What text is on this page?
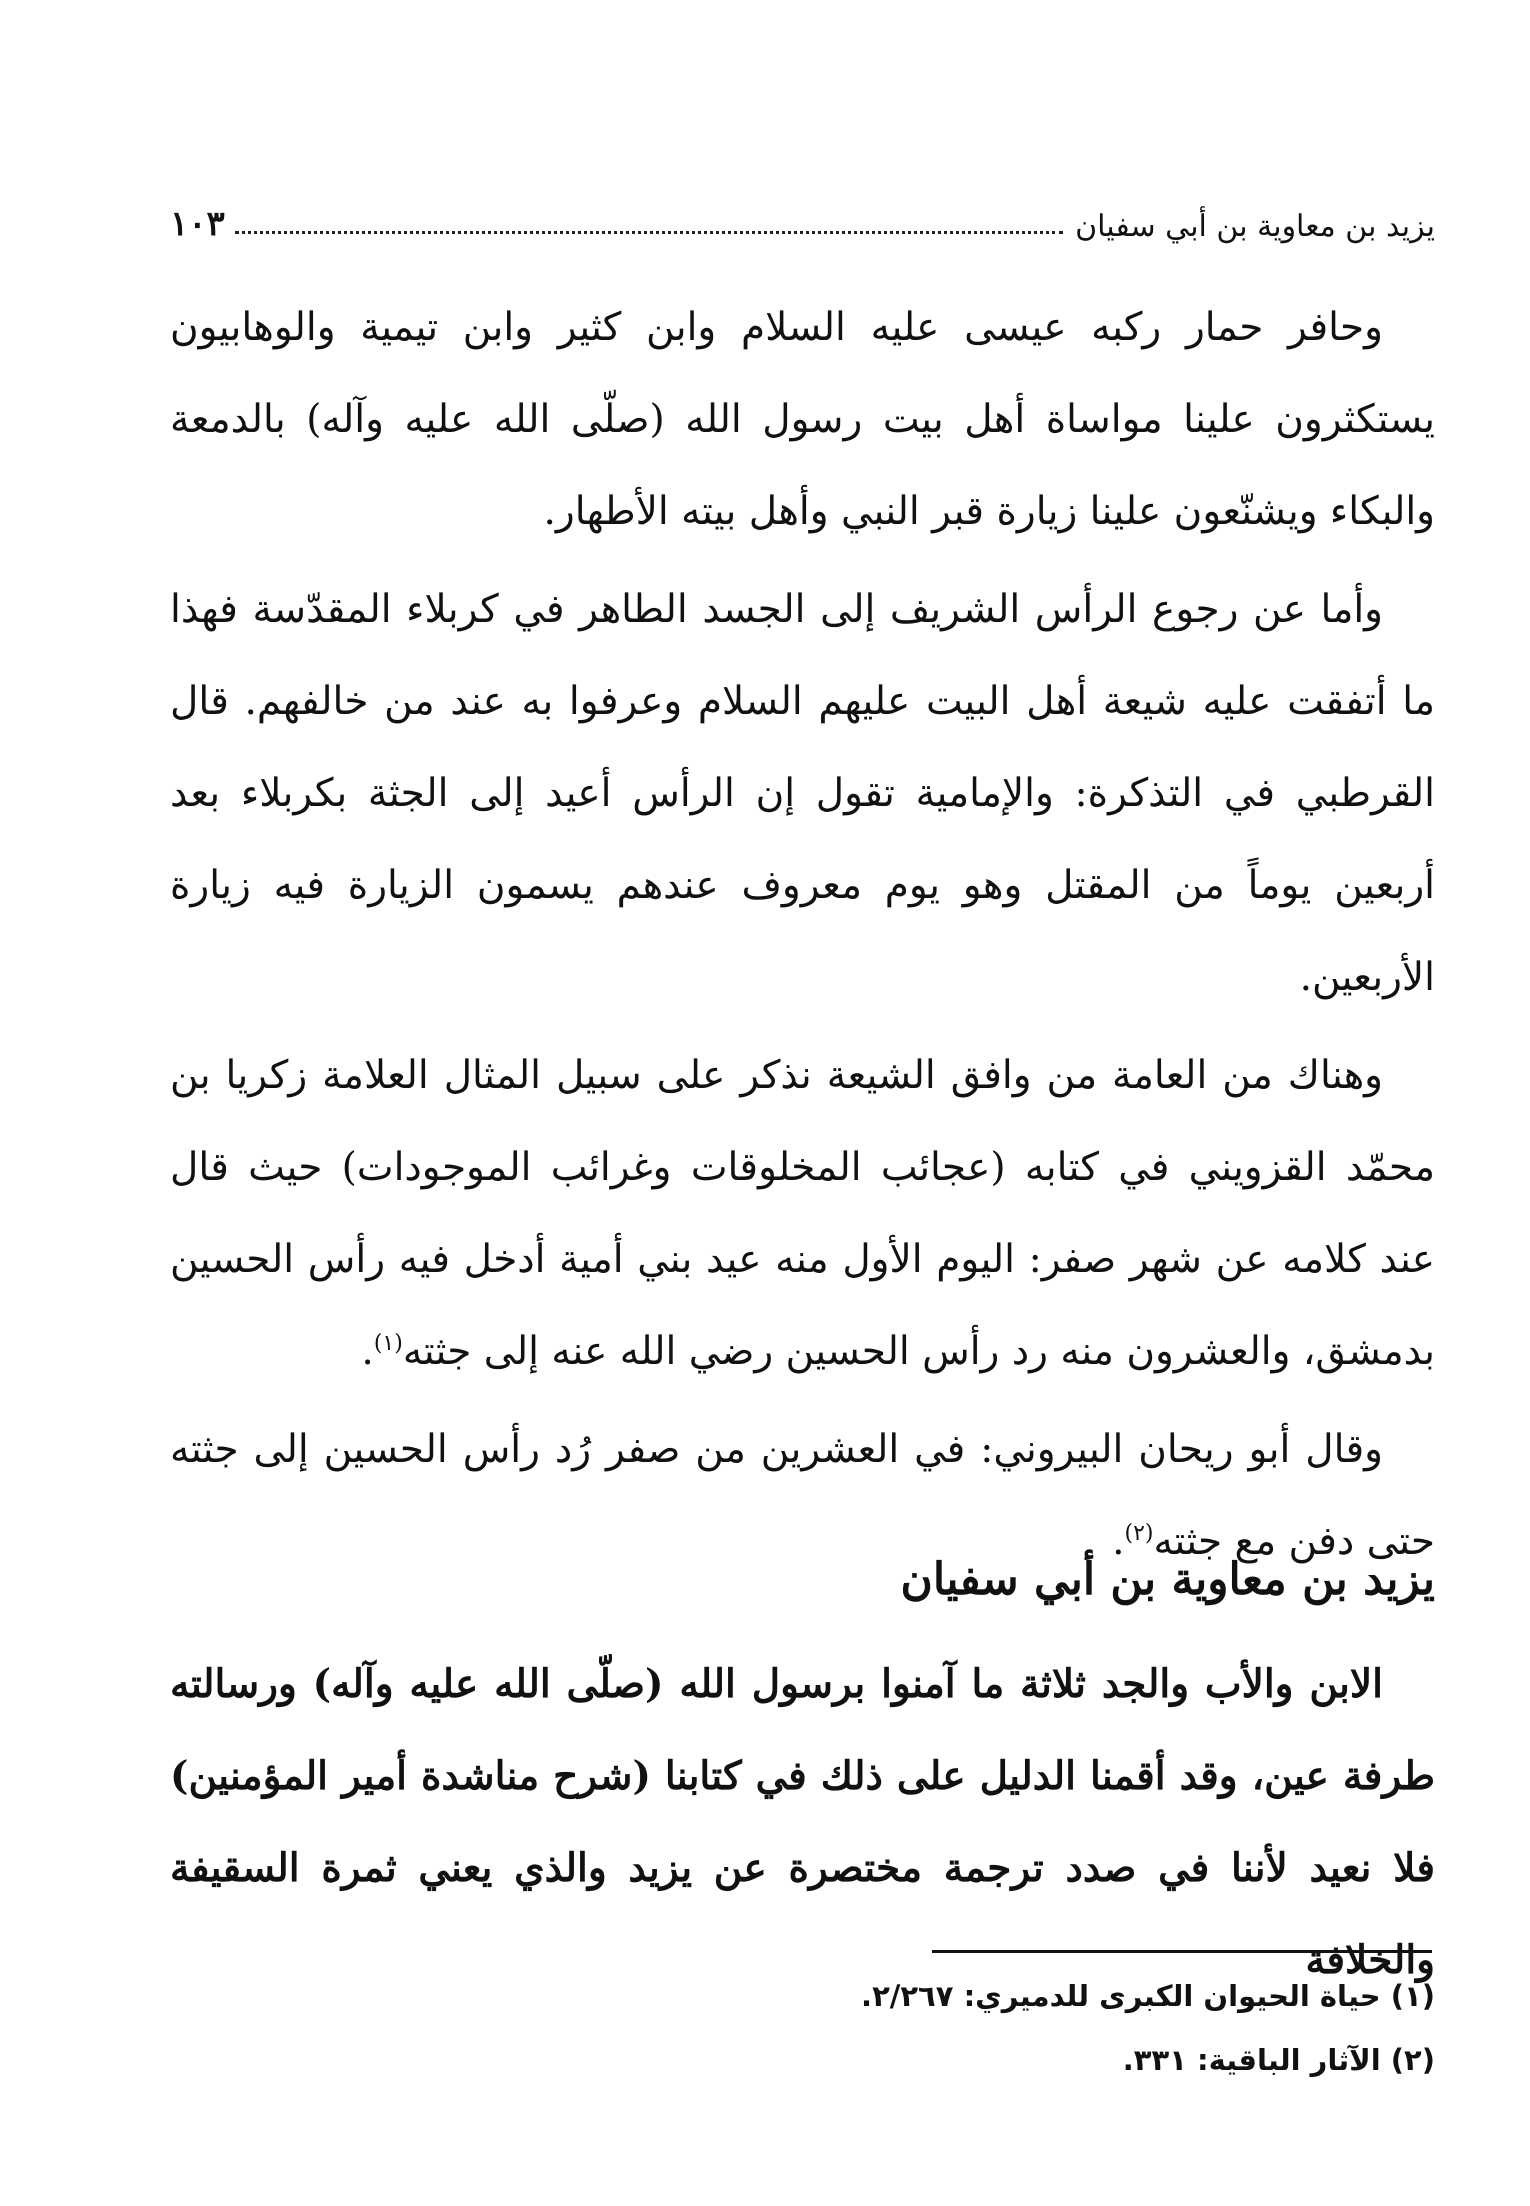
يزيد بن معاوية بن أبي سفيان
١٠٣

وحافر حمار ركبه عيسى عليه السلام وابن كثير وابن تيمية والوهابيون يستكثرون علينا مواساة أهل بيت رسول الله (صلّى الله عليه وآله) بالدمعة والبكاء ويشنّعون علينا زيارة قبر النبي وأهل بيته الأطهار.

وأما عن رجوع الرأس الشريف إلى الجسد الطاهر في كربلاء المقدّسة فهذا ما أتفقت عليه شيعة أهل البيت عليهم السلام وعرفوا به عند من خالفهم. قال القرطبي في التذكرة: والإمامية تقول إن الرأس أعيد إلى الجثة بكربلاء بعد أربعين يوماً من المقتل وهو يوم معروف عندهم يسمون الزيارة فيه زيارة الأربعين.

وهناك من العامة من وافق الشيعة نذكر على سبيل المثال العلامة زكريا بن محمّد القزويني في كتابه (عجائب المخلوقات وغرائب الموجودات) حيث قال عند كلامه عن شهر صفر: اليوم الأول منه عيد بني أمية أدخل فيه رأس الحسين بدمشق، والعشرون منه رد رأس الحسين رضي الله عنه إلى جثته$^{(١)}$.

وقال أبو ريحان البيروني: في العشرين من صفر رُد رأس الحسين إلى جثته حتى دفن مع جثته$^{(٢)}$.

يزيد بن معاوية بن أبي سفيان

الابن والأب والجد ثلاثة ما آمنوا برسول الله (صلّى الله عليه وآله) ورسالته طرفة عين، وقد أقمنا الدليل على ذلك في كتابنا (شرح مناشدة أمير المؤمنين) فلا نعيد لأننا في صدد ترجمة مختصرة عن يزيد والذي يعني ثمرة السقيفة والخلافة

(١) حياة الحيوان الكبرى للدميري: ٢/٢٦٧.

(٢) الآثار الباقية: ٣٣١.
